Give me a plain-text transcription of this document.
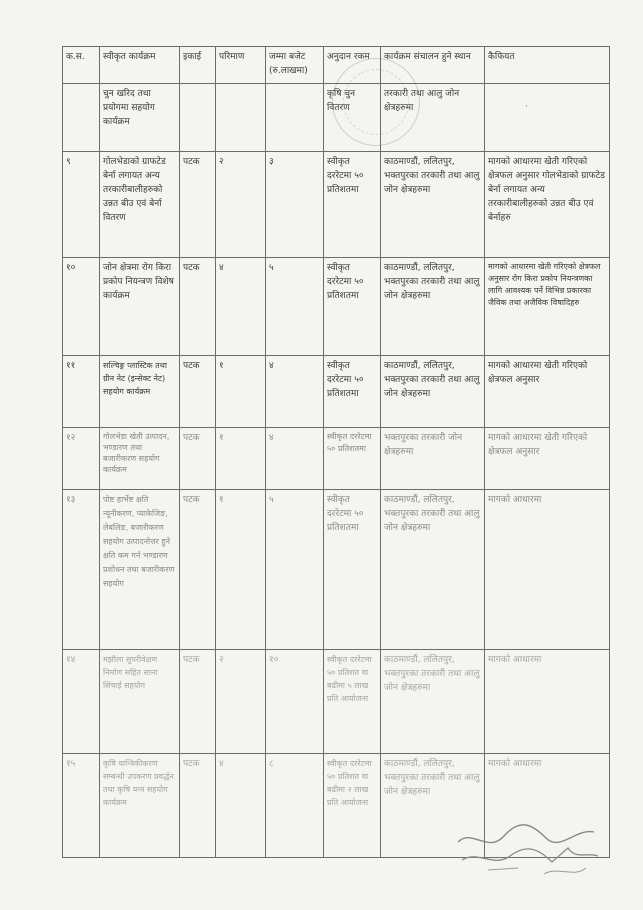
क.स.	स्वीकृत कार्यक्रम	इकाई	परिमाण	जम्मा बजेट (रु.लाखमा)	अनुदान रकम	कार्यक्रम संचालन हुने स्थान	कैफियत
	चुन खरिद तथा प्रयोगमा सहयोग कार्यक्रम				कृषि चुन वितरण	तरकारी तथा आलु जोन क्षेत्रहरुमा	
९	गोलभेडाको ग्राफटेड बेर्ना लगायत अन्य तरकारीबालीहरुको उन्नत बीउ एवं बेर्ना वितरण	पटक	२	३	स्वीकृत दररेटमा ५० प्रतिशतमा	काठमाण्डौं, ललितपुर, भक्तपुरका तरकारी तथा आलु जोन क्षेत्रहरुमा	मागको आधारमा खेती गरिएको क्षेत्रफल अनुसार गोलभेडाको ग्राफटेड बेर्ना लगायत अन्य तरकारीबालीहरुको उन्नत बीउ एवं बेर्नाहरु
१०	जोन क्षेत्रमा रोग किरा प्रकोप नियन्त्रण विशेष कार्यक्रम	पटक	४	५	स्वीकृत दररेटमा ५० प्रतिशतमा	काठमाण्डौं, ललितपुर, भक्तपुरका तरकारी तथा आलु जोन क्षेत्रहरुमा	मागको आधारमा खेती गरिएको क्षेत्रफल अनुसार रोग किरा प्रकोप नियन्त्रणका लागि आवश्यक पर्ने विभिन्न प्रकारका जैविक तथा अजैविक विषादिहरु
११	सल्चिङ्ग प्लास्टिक तथा ग्रीन नेट (इन्सेक्ट नेट) सहयोग कार्यक्रम	पटक	१	४	स्वीकृत दररेटमा ५० प्रतिशतमा	काठमाण्डौं, ललितपुर, भक्तपुरका तरकारी तथा आलु जोन क्षेत्रहरुमा	मागको आधारमा खेती गरिएको क्षेत्रफल अनुसार
१२	गोलभेडा खेती उत्पादन, भण्डारण तथा बजारीकरण सहयोग कार्यक्रम	पटक	१	४	स्वीकृत दररेटमा ५० प्रतिशतमा	भक्तपुरका तरकारी जोन क्षेत्रहरुमा	मागको आधारमा खेती गरिएको क्षेत्रफल अनुसार
१३	पोष्ट हार्भेष्ट क्षति न्यूनीकरण, प्याकेजिङ, लेबलिङ, बजारीकरण सहयोग उत्पादनोत्तर हुने क्षति कम गर्न भण्डारण प्रशोधन तथा बजारीकरण सहयोग	पटक	१	५	स्वीकृत दररेटमा ५० प्रतिशतमा	काठमाण्डौं, ललितपुर, भक्तपुरका तरकारी तथा आलु जोन क्षेत्रहरुमा	मागको आधारमा
१४	मझौला सुपरीवेक्षण निर्माण सहित साना सिंचाई सहयोग	पटक	२	१०	स्वीकृत दररेटमा ५० प्रतिशत वा बढीमा ५ लाख प्रति आयोजना	काठमाण्डौं, ललितपुर, भक्तपुरका तरकारी तथा आलु जोन क्षेत्रहरुमा	मागको आधारमा
१५	कृषि यान्त्रिकीकरण सम्बन्धी उपकरण प्रवर्द्धन तथा कृषि यन्त्र सहयोग कार्यक्रम	पटक	४	८	स्वीकृत दररेटमा ५० प्रतिशत वा बढीमा २ लाख प्रति आयोजना	काठमाण्डौं, ललितपुर, भक्तपुरका तरकारी तथा आलु जोन क्षेत्रहरुमा	मागको आधारमा
·
